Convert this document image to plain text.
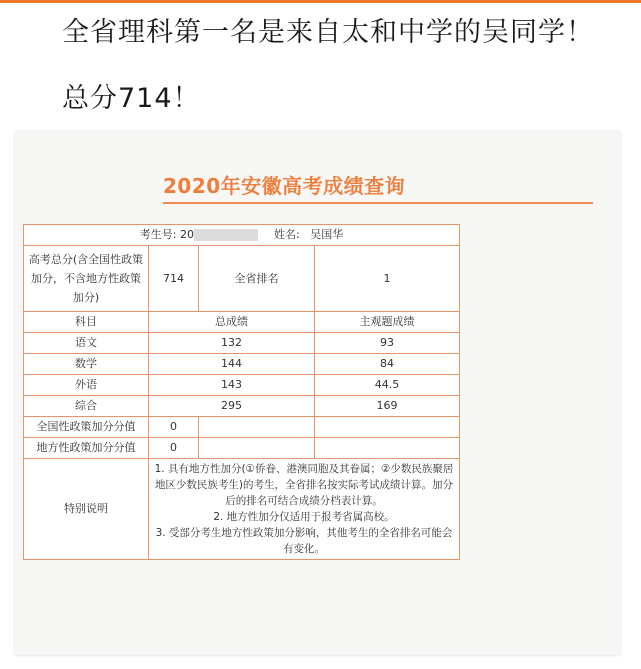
全省理科第一名是来自太和中学的吴同学！
总分714！
2020年安徽高考成绩查询
考生号: 20 姓名: 吴国华			
高考总分(含全国性政策加分，不含地方性政策加分)	714	全省排名	1
科目	总成绩		主观题成绩
语文	132		93
数学	144		84
外语	143		44.5
综合	295		169
全国性政策加分分值	0		
地方性政策加分分值	0		
特别说明	1. 具有地方性加分(①侨眷、港澳同胞及其眷属；②少数民族聚居地区少数民族考生)的考生，全省排名按实际考试成绩计算。加分后的排名可结合成绩分档表计算。

2. 地方性加分仅适用于报考省属高校。

3. 受部分考生地方性政策加分影响，其他考生的全省排名可能会有变化。		
